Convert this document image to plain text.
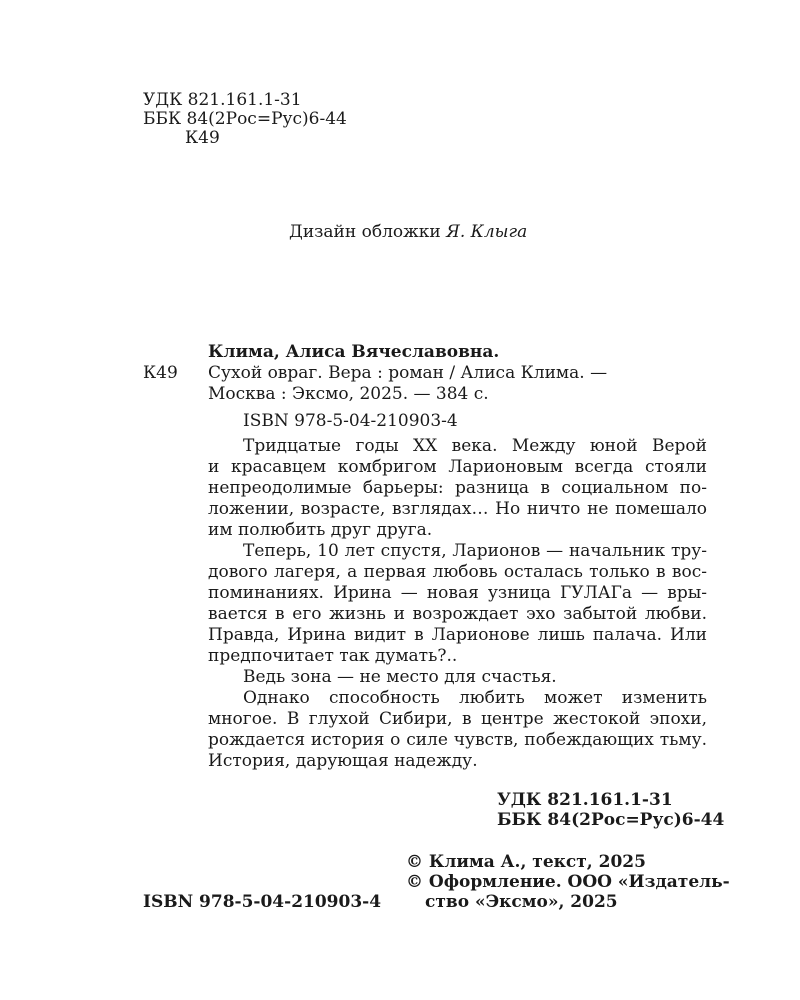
УДК 821.161.1-31
ББК 84(2Рос=Рус)6-44
К49
Дизайн обложки Я. Клыга
Клима, Алиса Вячеславовна.
К49 Сухой овраг. Вера : роман / Алиса Клима. —
Москва : Эксмо, 2025. — 384 с.
ISBN 978-5-04-210903-4
Тридцатые годы XX века. Между юной Верой
и красавцем комбригом Ларионовым всегда стояли
непреодолимые барьеры: разница в социальном по-
ложении, возрасте, взглядах… Но ничто не помешало
им полюбить друг друга.
Теперь, 10 лет спустя, Ларионов — начальник тру-
дового лагеря, а первая любовь осталась только в вос-
поминаниях. Ирина — новая узница ГУЛАГа — вры-
вается в его жизнь и возрождает эхо забытой любви.
Правда, Ирина видит в Ларионове лишь палача. Или
предпочитает так думать?..
Ведь зона — не место для счастья.
Однако способность любить может изменить
многое. В глухой Сибири, в центре жестокой эпохи,
рождается история о силе чувств, побеждающих тьму.
История, дарующая надежду.
УДК 821.161.1-31
ББК 84(2Рос=Рус)6-44
© Клима А., текст, 2025
© Оформление. ООО «Издатель-
ство «Эксмо», 2025
ISBN 978-5-04-210903-4
